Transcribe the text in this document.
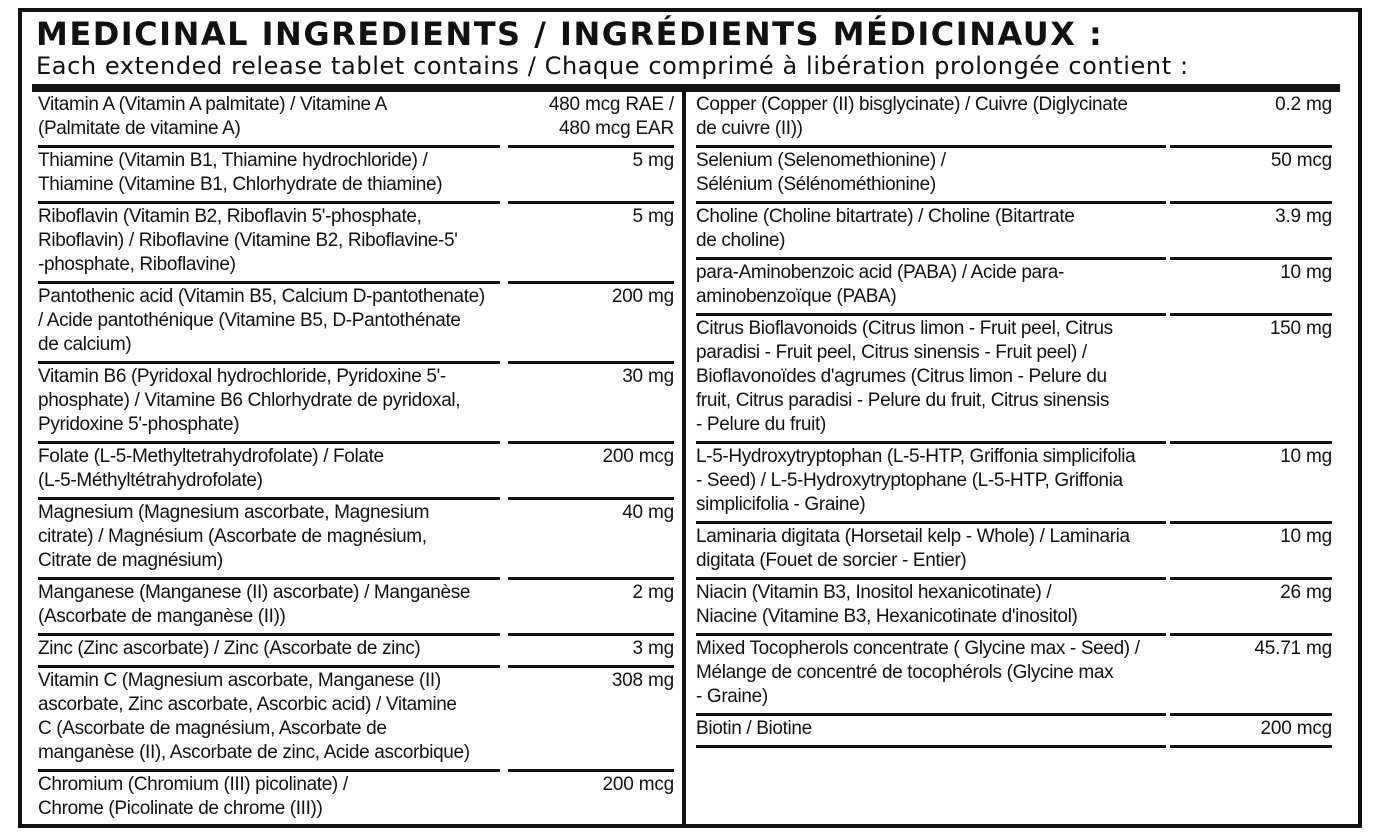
MEDICINAL INGREDIENTS / INGRÉDIENTS MÉDICINAUX :
Each extended release tablet contains / Chaque comprimé à libération prolongée contient :
Vitamin A (Vitamin A palmitate) / Vitamine A
(Palmitate de vitamine A)
480 mcg RAE /
480 mcg EAR
Thiamine (Vitamin B1, Thiamine hydrochloride) /
Thiamine (Vitamine B1, Chlorhydrate de thiamine)
5 mg
Riboflavin (Vitamin B2, Riboflavin 5'-phosphate,
Riboflavin) / Riboflavine (Vitamine B2, Riboflavine-5'
-phosphate, Riboflavine)
5 mg
Pantothenic acid (Vitamin B5, Calcium D-pantothenate)
/ Acide pantothénique (Vitamine B5, D-Pantothénate
de calcium)
200 mg
Vitamin B6 (Pyridoxal hydrochloride, Pyridoxine 5'-
phosphate) / Vitamine B6 Chlorhydrate de pyridoxal,
Pyridoxine 5'-phosphate)
30 mg
Folate (L-5-Methyltetrahydrofolate) / Folate
(L-5-Méthyltétrahydrofolate)
200 mcg
Magnesium (Magnesium ascorbate, Magnesium
citrate) / Magnésium (Ascorbate de magnésium,
Citrate de magnésium)
40 mg
Manganese (Manganese (II) ascorbate) / Manganèse
(Ascorbate de manganèse (II))
2 mg
Zinc (Zinc ascorbate) / Zinc (Ascorbate de zinc)	3 mg
Vitamin C (Magnesium ascorbate, Manganese (II)
ascorbate, Zinc ascorbate, Ascorbic acid) / Vitamine
C (Ascorbate de magnésium, Ascorbate de
manganèse (II), Ascorbate de zinc, Acide ascorbique)
308 mg
Chromium (Chromium (III) picolinate) /
Chrome (Picolinate de chrome (III))
200 mcg
Copper (Copper (II) bisglycinate) / Cuivre (Diglycinate
de cuivre (II))
0.2 mg
Selenium (Selenomethionine) /
Sélénium (Sélénométhionine)
50 mcg
Choline (Choline bitartrate) / Choline (Bitartrate
de choline)
3.9 mg
para-Aminobenzoic acid (PABA) / Acide para-
aminobenzoïque (PABA)
10 mg
Citrus Bioflavonoids (Citrus limon - Fruit peel, Citrus
paradisi - Fruit peel, Citrus sinensis - Fruit peel) /
Bioflavonoïdes d'agrumes (Citrus limon - Pelure du
fruit, Citrus paradisi - Pelure du fruit, Citrus sinensis
- Pelure du fruit)
150 mg
L-5-Hydroxytryptophan (L-5-HTP, Griffonia simplicifolia
- Seed) / L-5-Hydroxytryptophane (L-5-HTP, Griffonia
simplicifolia - Graine)
10 mg
Laminaria digitata (Horsetail kelp - Whole) / Laminaria
digitata (Fouet de sorcier - Entier)
10 mg
Niacin (Vitamin B3, Inositol hexanicotinate) /
Niacine (Vitamine B3, Hexanicotinate d'inositol)
26 mg
Mixed Tocopherols concentrate ( Glycine max - Seed) /
Mélange de concentré de tocophérols (Glycine max
- Graine)
45.71 mg
Biotin / Biotine	200 mcg
